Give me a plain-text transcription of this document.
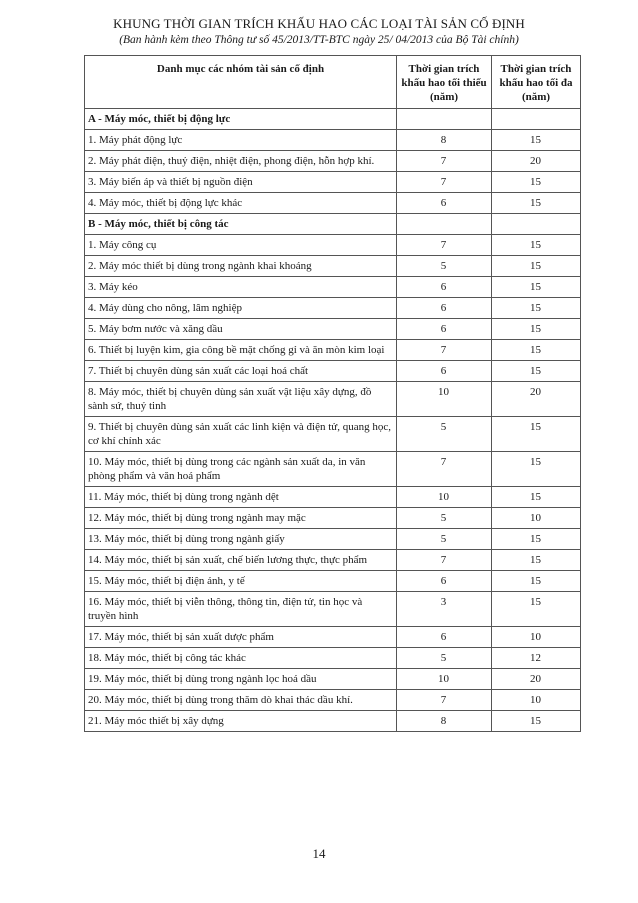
KHUNG THỜI GIAN TRÍCH KHẤU HAO CÁC LOẠI TÀI SẢN CỐ ĐỊNH
(Ban hành kèm theo Thông tư số 45/2013/TT-BTC ngày 25/ 04/2013 của Bộ Tài chính)
Danh mục các nhóm tài sản cố định	Thời gian trích khấu hao tối thiểu (năm)	Thời gian trích khấu hao tối đa (năm)
A - Máy móc, thiết bị động lực		
1. Máy phát động lực	8	15
2. Máy phát điện, thuỷ điện, nhiệt điện, phong điện, hỗn hợp khí.	7	20
3. Máy biến áp và thiết bị nguồn điện	7	15
4. Máy móc, thiết bị động lực khác	6	15
B - Máy móc, thiết bị công tác		
1. Máy công cụ	7	15
2. Máy móc thiết bị dùng trong ngành khai khoáng	5	15
3. Máy kéo	6	15
4. Máy dùng cho nông, lâm nghiệp	6	15
5. Máy bơm nước và xăng dầu	6	15
6. Thiết bị luyện kim, gia công bề mặt chống gỉ và ăn mòn kim loại	7	15
7. Thiết bị chuyên dùng sản xuất các loại hoá chất	6	15
8. Máy móc, thiết bị chuyên dùng sản xuất vật liệu xây dựng, đồ sành sứ, thuỷ tinh	10	20
9. Thiết bị chuyên dùng sản xuất các linh kiện và điện tử, quang học, cơ khí chính xác	5	15
10. Máy móc, thiết bị dùng trong các ngành sản xuất da, in văn phòng phẩm và văn hoá phẩm	7	15
11. Máy móc, thiết bị dùng trong ngành dệt	10	15
12. Máy móc, thiết bị dùng trong ngành may mặc	5	10
13. Máy móc, thiết bị dùng trong ngành giấy	5	15
14. Máy móc, thiết bị sản xuất, chế biến lương thực, thực phẩm	7	15
15. Máy móc, thiết bị điện ảnh, y tế	6	15
16. Máy móc, thiết bị viễn thông, thông tin, điện tử, tin học và truyền hình	3	15
17. Máy móc, thiết bị sản xuất dược phẩm	6	10
18. Máy móc, thiết bị công tác khác	5	12
19. Máy móc, thiết bị dùng trong ngành lọc hoá dầu	10	20
20. Máy móc, thiết bị dùng trong thăm dò khai thác dầu khí.	7	10
21. Máy móc thiết bị xây dựng	8	15
14
